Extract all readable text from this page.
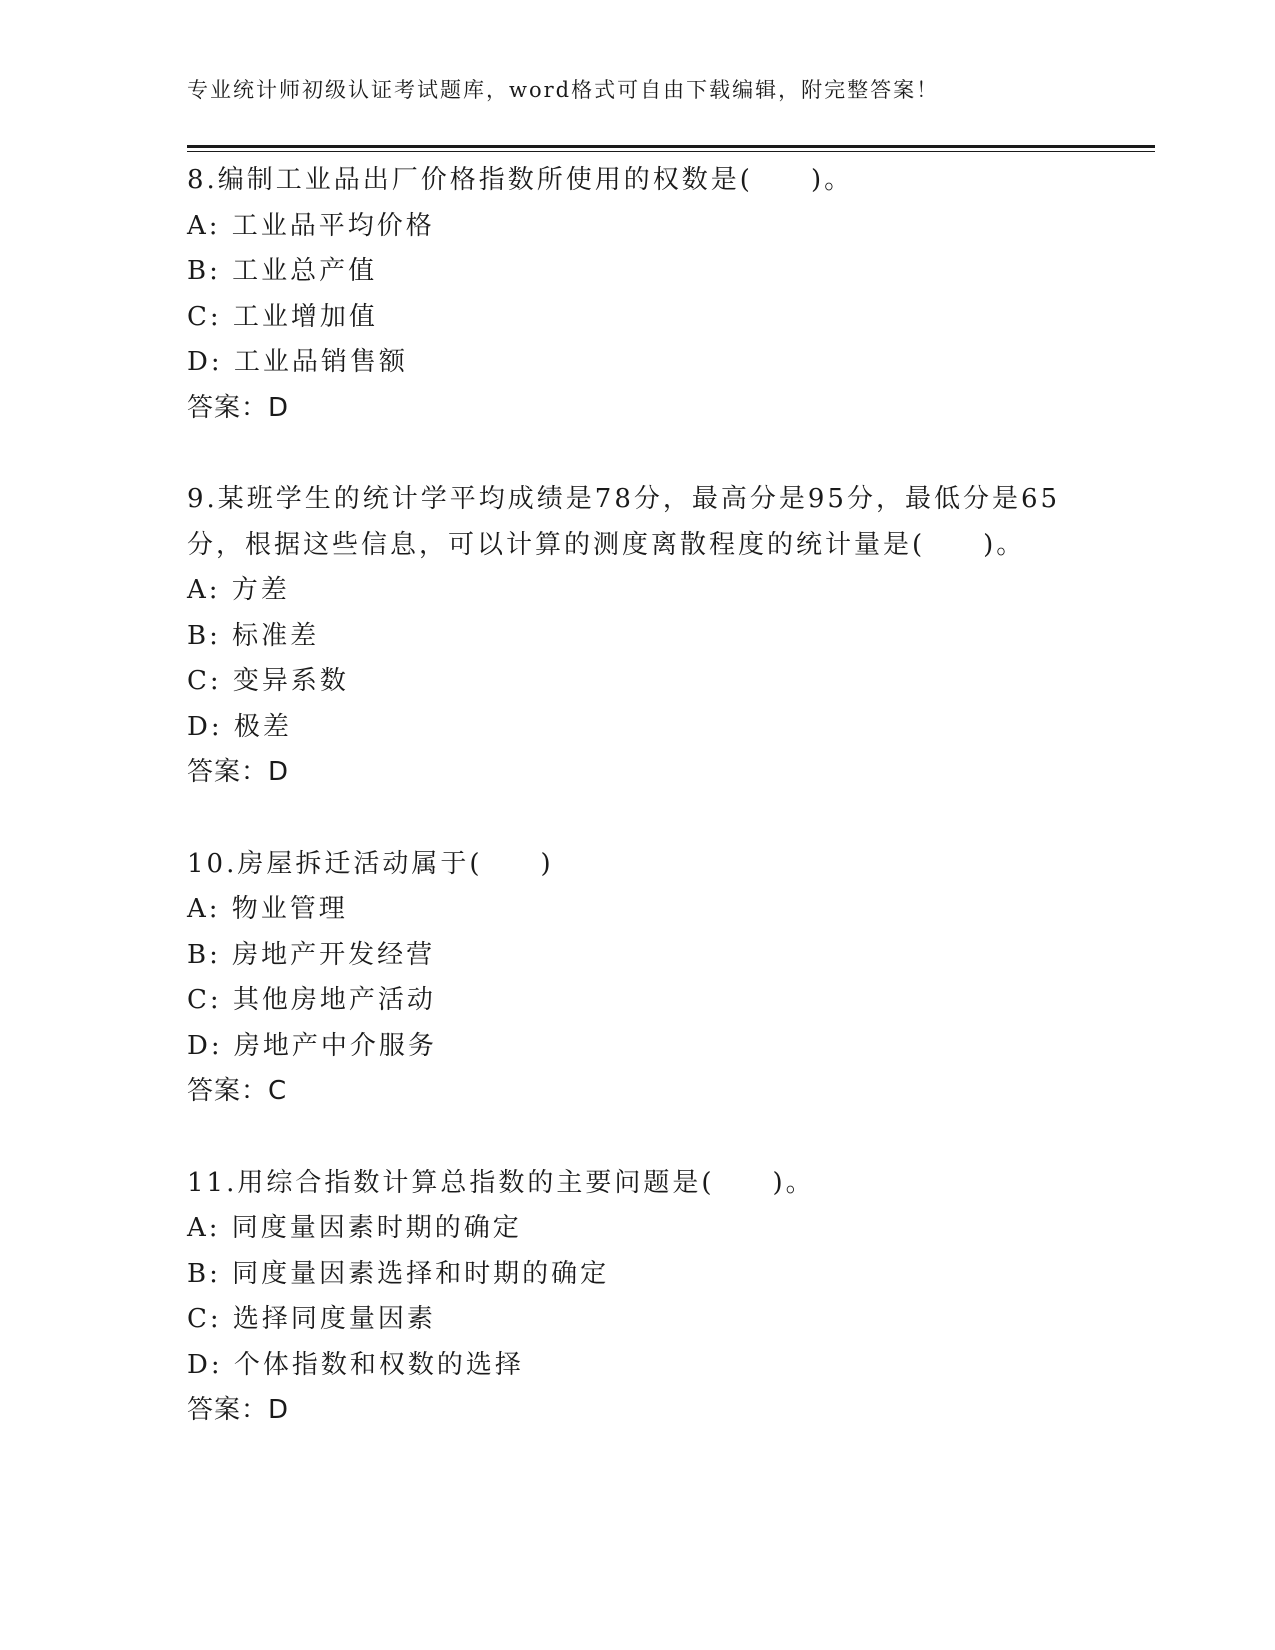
专业统计师初级认证考试题库，word格式可自由下载编辑，附完整答案！
8.编制工业品出厂价格指数所使用的权数是(　　)。
A: 工业品平均价格
B: 工业总产值
C: 工业增加值
D: 工业品销售额
答案：D
9.某班学生的统计学平均成绩是78分，最高分是95分，最低分是65
分，根据这些信息，可以计算的测度离散程度的统计量是(　　)。
A: 方差
B: 标准差
C: 变异系数
D: 极差
答案：D
10.房屋拆迁活动属于(　　)
A: 物业管理
B: 房地产开发经营
C: 其他房地产活动
D: 房地产中介服务
答案：C
11.用综合指数计算总指数的主要问题是(　　)。
A: 同度量因素时期的确定
B: 同度量因素选择和时期的确定
C: 选择同度量因素
D: 个体指数和权数的选择
答案：D
